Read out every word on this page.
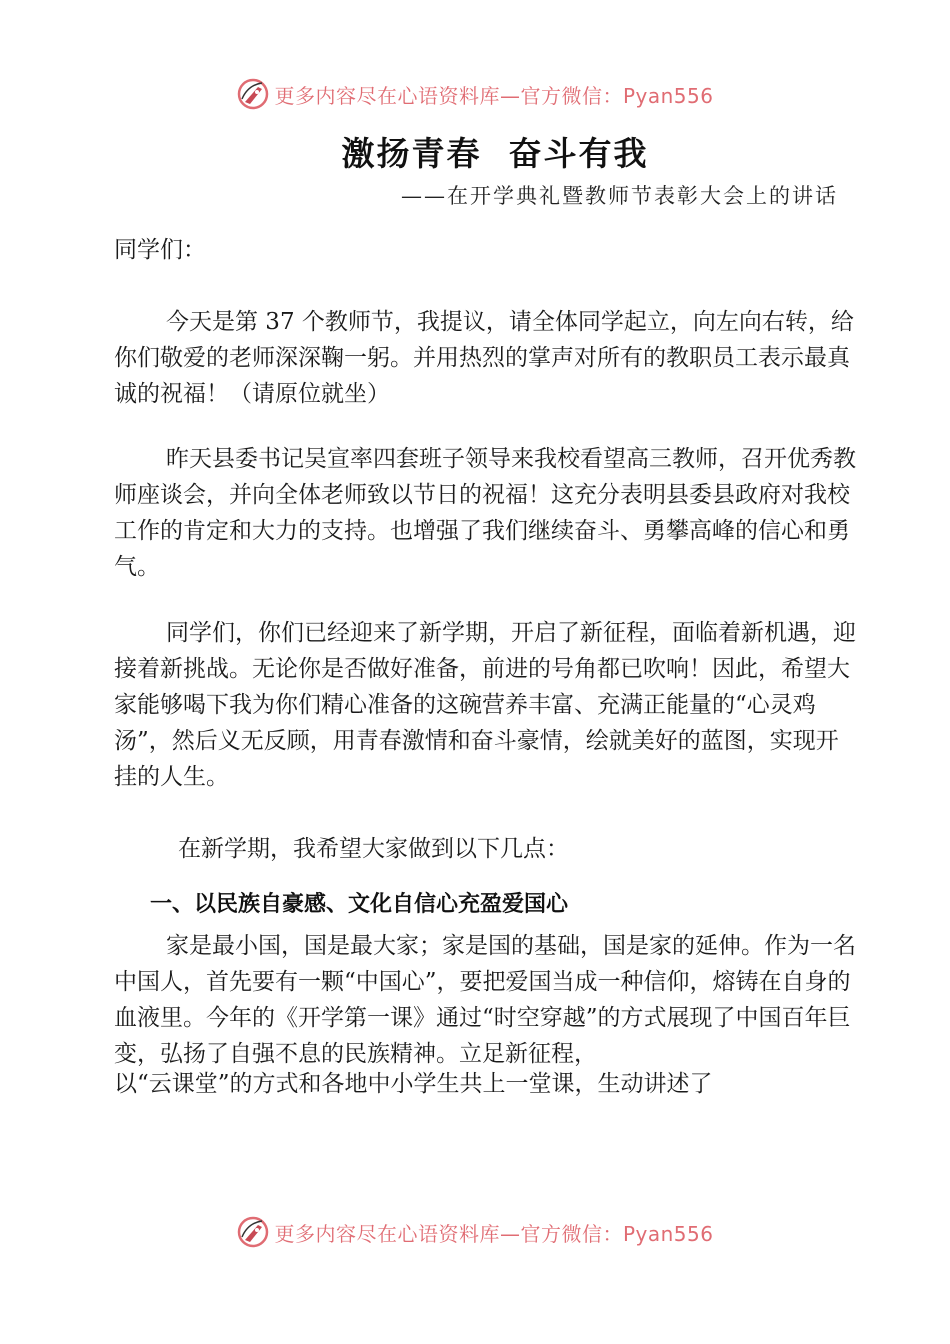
更多内容尽在心语资料库—官方微信：Pyan556
激扬青春  奋斗有我
——在开学典礼暨教师节表彰大会上的讲话
同学们：
今天是第 37 个教师节，我提议，请全体同学起立，向左向右转，给你们敬爱的老师深深鞠一躬。并用热烈的掌声对所有的教职员工表示最真诚的祝福！（请原位就坐）
昨天县委书记吴宣率四套班子领导来我校看望高三教师，召开优秀教师座谈会，并向全体老师致以节日的祝福！这充分表明县委县政府对我校工作的肯定和大力的支持。也增强了我们继续奋斗、勇攀高峰的信心和勇气。
同学们，你们已经迎来了新学期，开启了新征程，面临着新机遇，迎接着新挑战。无论你是否做好准备，前进的号角都已吹响！因此，希望大家能够喝下我为你们精心准备的这碗营养丰富、充满正能量的“心灵鸡汤”，然后义无反顾，用青春激情和奋斗豪情，绘就美好的蓝图，实现开挂的人生。
在新学期，我希望大家做到以下几点：
一、以民族自豪感、文化自信心充盈爱国心
家是最小国，国是最大家；家是国的基础，国是家的延伸。作为一名中国人，首先要有一颗“中国心”，要把爱国当成一种信仰，熔铸在自身的血液里。今年的《开学第一课》通过“时空穿越”的方式展现了中国百年巨变，弘扬了自强不息的民族精神。立足新征程，
以“云课堂”的方式和各地中小学生共上一堂课，生动讲述了
更多内容尽在心语资料库—官方微信：Pyan556
